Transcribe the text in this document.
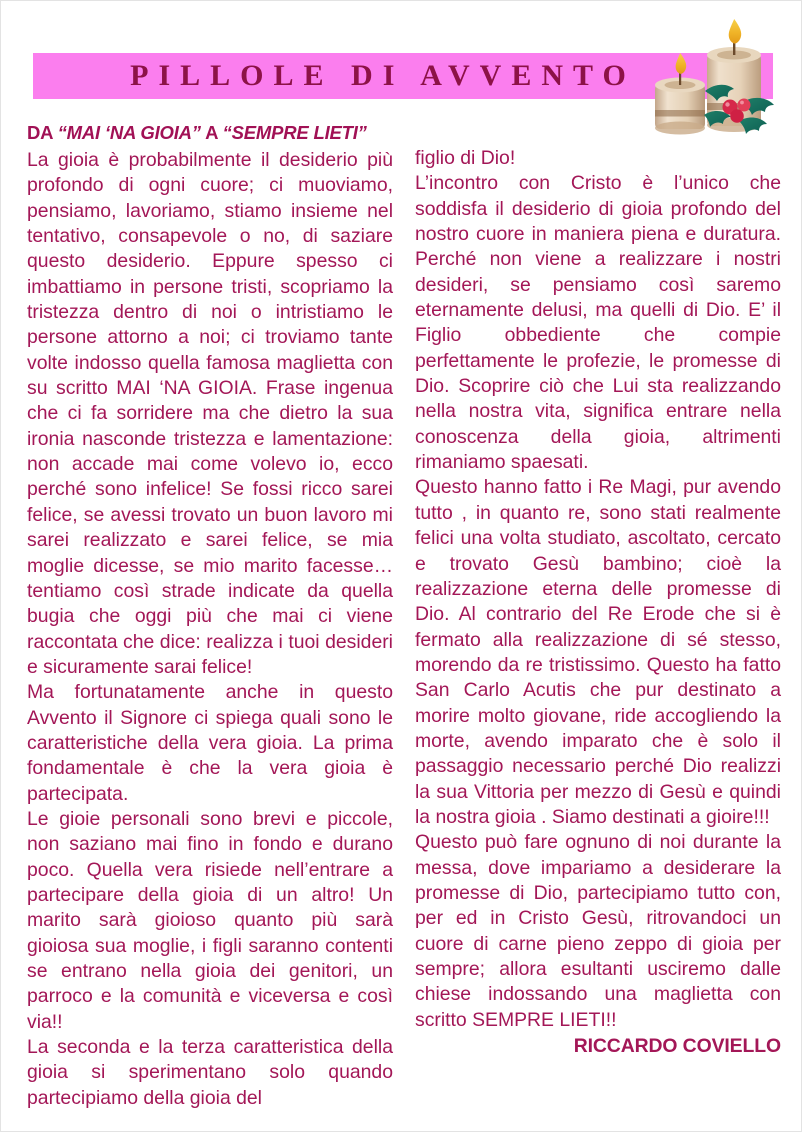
PILLOLE DI AVVENTO
DA “MAI ‘NA GIOIA” A “SEMPRE LIETI”

La gioia è probabilmente il desiderio più profondo di ogni cuore; ci muoviamo, pensiamo, lavoriamo, stiamo insieme nel tentativo, consapevole o no, di saziare questo desiderio. Eppure spesso ci imbattiamo in persone tristi, scopriamo la tristezza dentro di noi o intristiamo le persone attorno a noi; ci troviamo tante volte indosso quella famosa maglietta con su scritto MAI ‘NA GIOIA. Frase ingenua che ci fa sorridere ma che dietro la sua ironia nasconde tristezza e lamentazione: non accade mai come volevo io, ecco perché sono infelice! Se fossi ricco sarei felice, se avessi trovato un buon lavoro mi sarei realizzato e sarei felice, se mia moglie dicesse, se mio marito facesse… tentiamo così strade indicate da quella bugia che oggi più che mai ci viene raccontata che dice: realizza i tuoi desideri e sicuramente sarai felice!

Ma fortunatamente anche in questo Avvento il Signore ci spiega quali sono le caratteristiche della vera gioia. La prima fondamentale è che la vera gioia è partecipata.

Le gioie personali sono brevi e piccole, non saziano mai fino in fondo e durano poco. Quella vera risiede nell’entrare a partecipare della gioia di un altro! Un marito sarà gioioso quanto più sarà gioiosa sua moglie, i figli saranno contenti se entrano nella gioia dei genitori, un parroco e la comunità e viceversa e così via!!

La seconda e la terza caratteristica della gioia si sperimentano solo quando partecipiamo della gioia del

figlio di Dio!

L’incontro con Cristo è l’unico che soddisfa il desiderio di gioia profondo del nostro cuore in maniera piena e duratura. Perché non viene a realizzare i nostri desideri, se pensiamo così saremo eternamente delusi, ma quelli di Dio. E’ il Figlio obbediente che compie perfettamente le profezie, le promesse di Dio. Scoprire ciò che Lui sta realizzando nella nostra vita, significa entrare nella conoscenza della gioia, altrimenti rimaniamo spaesati.

Questo hanno fatto i Re Magi, pur avendo tutto , in quanto re, sono stati realmente felici una volta studiato, ascoltato, cercato e trovato Gesù bambino; cioè la realizzazione eterna delle promesse di Dio. Al contrario del Re Erode che si è fermato alla realizzazione di sé stesso, morendo da re tristissimo. Questo ha fatto San Carlo Acutis che pur destinato a morire molto giovane, ride accogliendo la morte, avendo imparato che è solo il passaggio necessario perché Dio realizzi la sua Vittoria per mezzo di Gesù e quindi la nostra gioia . Siamo destinati a gioire!!!

Questo può fare ognuno di noi durante la messa, dove impariamo a desiderare la promesse di Dio, partecipiamo tutto con, per ed in Cristo Gesù, ritrovandoci un cuore di carne pieno zeppo di gioia per sempre; allora esultanti usciremo dalle chiese indossando una maglietta con scritto SEMPRE LIETI!!

RICCARDO COVIELLO
